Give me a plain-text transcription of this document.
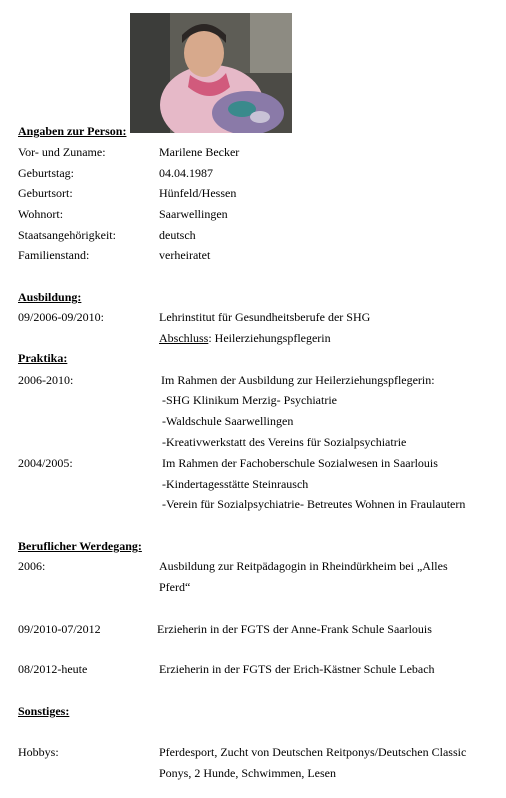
Angaben zur Person:
Vor- und Zuname:	Marilene Becker
Geburtstag:	04.04.1987
Geburtsort:	Hünfeld/Hessen
Wohnort:	Saarwellingen
Staatsangehörigkeit:	deutsch
Familienstand:	verheiratet
Ausbildung:
09/2006-09/2010:	Lehrinstitut für Gesundheitsberufe der SHG
Abschluss: Heilerziehungspflegerin
Praktika:
2006-2010:	Im Rahmen der Ausbildung zur Heilerziehungspflegerin:
-SHG Klinikum Merzig- Psychiatrie
-Waldschule Saarwellingen
-Kreativwerkstatt des Vereins für Sozialpsychiatrie
2004/2005:	Im Rahmen der Fachoberschule Sozialwesen in Saarlouis
-Kindertagesstätte Steinrausch
-Verein für Sozialpsychiatrie- Betreutes Wohnen in Fraulautern
Beruflicher Werdegang:
2006:	Ausbildung zur Reitpädagogin in Rheindürkheim bei „Alles
Pferd“
09/2010-07/2012	Erzieherin in der FGTS der Anne-Frank Schule Saarlouis
08/2012-heute	Erzieherin in der FGTS der Erich-Kästner Schule Lebach
Sonstiges:
Hobbys:	Pferdesport, Zucht von Deutschen Reitponys/Deutschen Classic
Ponys, 2 Hunde, Schwimmen, Lesen
